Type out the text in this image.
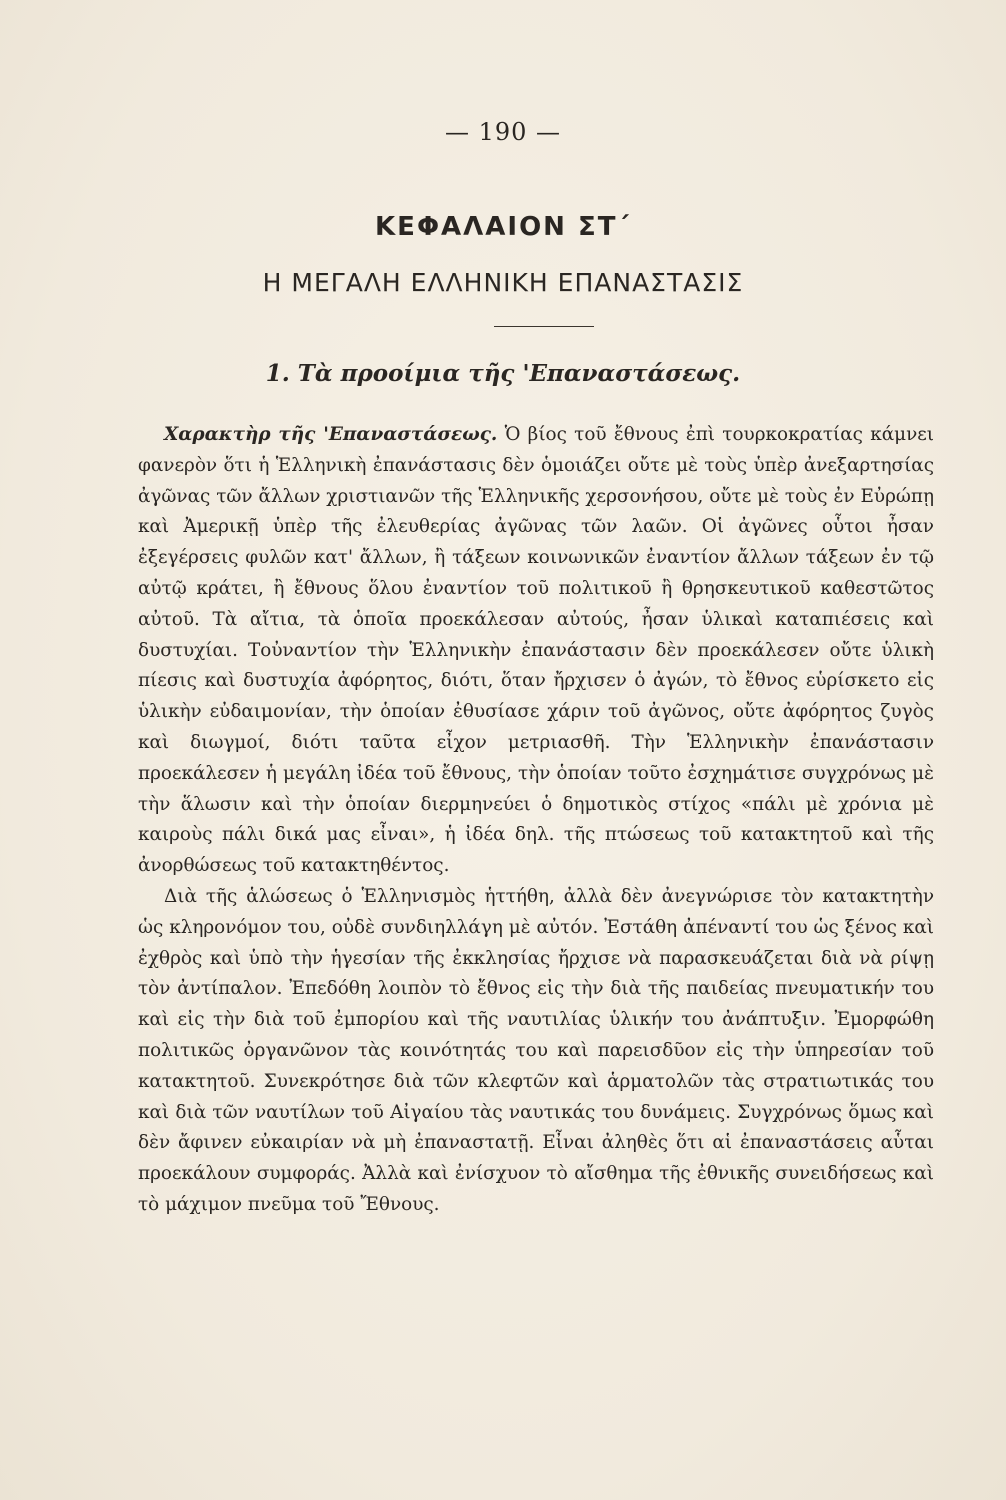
— 190 —
ΚΕΦΑΛΑΙΟΝ ΣΤ΄
Η ΜΕΓΑΛΗ ΕΛΛΗΝΙΚΗ ΕΠΑΝΑΣΤΑΣΙΣ
1. Τὰ προοίμια τῆς 'Επαναστάσεως.

Χαρακτὴρ τῆς 'Επαναστάσεως. Ὁ βίος τοῦ ἔθνους ἐπὶ τουρκοκρατίας κάμνει φανερὸν ὅτι ἡ Ἑλληνικὴ ἐπανάστασις δὲν ὁμοιάζει οὔτε μὲ τοὺς ὑπὲρ ἀνεξαρτησίας ἀγῶνας τῶν ἄλλων χριστιανῶν τῆς Ἑλληνικῆς χερσονήσου, οὔτε μὲ τοὺς ἐν Εὐρώπῃ καὶ Ἀμερικῇ ὑπὲρ τῆς ἐλευθερίας ἀγῶνας τῶν λαῶν. Οἱ ἀγῶνες οὗτοι ἦσαν ἐξεγέρσεις φυλῶν κατ' ἄλλων, ἢ τάξεων κοινωνικῶν ἐναντίον ἄλλων τάξεων ἐν τῷ αὐτῷ κράτει, ἢ ἔθνους ὅλου ἐναντίον τοῦ πολιτικοῦ ἢ θρησκευτικοῦ καθεστῶτος αὐτοῦ. Τὰ αἴτια, τὰ ὁποῖα προεκάλεσαν αὐτούς, ἦσαν ὑλικαὶ καταπιέσεις καὶ δυστυχίαι. Τοὐναντίον τὴν Ἑλληνικὴν ἐπανάστασιν δὲν προεκάλεσεν οὔτε ὑλικὴ πίεσις καὶ δυστυχία ἀφόρητος, διότι, ὅταν ἤρχισεν ὁ ἀγών, τὸ ἔθνος εὑρίσκετο εἰς ὑλικὴν εὐδαιμονίαν, τὴν ὁποίαν ἐθυσίασε χάριν τοῦ ἀγῶνος, οὔτε ἀφόρητος ζυγὸς καὶ διωγμοί, διότι ταῦτα εἶχον μετριασθῆ. Τὴν Ἑλληνικὴν ἐπανάστασιν προεκάλεσεν ἡ μεγάλη ἰδέα τοῦ ἔθνους, τὴν ὁποίαν τοῦτο ἐσχημάτισε συγχρόνως μὲ τὴν ἅλωσιν καὶ τὴν ὁποίαν διερμηνεύει ὁ δημοτικὸς στίχος «πάλι μὲ χρόνια μὲ καιροὺς πάλι δικά μας εἶναι», ἡ ἰδέα δηλ. τῆς πτώσεως τοῦ κατακτητοῦ καὶ τῆς ἀνορθώσεως τοῦ κατακτηθέντος.

Διὰ τῆς ἁλώσεως ὁ Ἑλληνισμὸς ἡττήθη, ἀλλὰ δὲν ἀνεγνώρισε τὸν κατακτητὴν ὡς κληρονόμον του, οὐδὲ συνδιηλλάγη μὲ αὐτόν. Ἐστάθη ἀπέναντί του ὡς ξένος καὶ ἐχθρὸς καὶ ὑπὸ τὴν ἡγεσίαν τῆς ἐκκλησίας ἤρχισε νὰ παρασκευάζεται διὰ νὰ ρίψῃ τὸν ἀντίπαλον. Ἐπεδόθη λοιπὸν τὸ ἔθνος εἰς τὴν διὰ τῆς παιδείας πνευματικήν του καὶ εἰς τὴν διὰ τοῦ ἐμπορίου καὶ τῆς ναυτιλίας ὑλικήν του ἀνάπτυξιν. Ἐμορφώθη πολιτικῶς ὀργανῶνον τὰς κοινότητάς του καὶ παρεισδῦον εἰς τὴν ὑπηρεσίαν τοῦ κατακτητοῦ. Συνεκρότησε διὰ τῶν κλεφτῶν καὶ ἁρματολῶν τὰς στρατιωτικάς του καὶ διὰ τῶν ναυτίλων τοῦ Αἰγαίου τὰς ναυτικάς του δυνάμεις. Συγχρόνως ὅμως καὶ δὲν ἄφινεν εὐκαιρίαν νὰ μὴ ἐπαναστατῇ. Εἶναι ἀληθὲς ὅτι αἱ ἐπαναστάσεις αὗται προεκάλουν συμφοράς. Ἀλλὰ καὶ ἐνίσχυον τὸ αἴσθημα τῆς ἐθνικῆς συνειδήσεως καὶ τὸ μάχιμον πνεῦμα τοῦ Ἔθνους.
